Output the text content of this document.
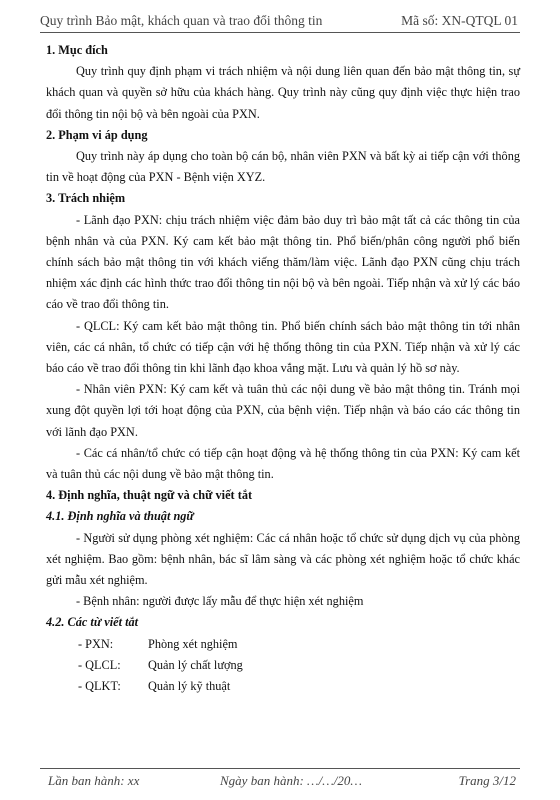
Quy trình Bảo mật, khách quan và trao đổi thông tin	Mã số: XN-QTQL 01

1. Mục đích

Quy trình quy định phạm vi trách nhiệm và nội dung liên quan đến bảo mật thông tin, sự khách quan và quyền sở hữu của khách hàng. Quy trình này cũng quy định việc thực hiện trao đổi thông tin nội bộ và bên ngoài của PXN.

2. Phạm vi áp dụng

Quy trình này áp dụng cho toàn bộ cán bộ, nhân viên PXN và bất kỳ ai tiếp cận với thông tin về hoạt động của PXN - Bệnh viện XYZ.

3. Trách nhiệm

- Lãnh đạo PXN: chịu trách nhiệm việc đảm bảo duy trì bảo mật tất cả các thông tin của bệnh nhân và của PXN. Ký cam kết bảo mật thông tin. Phổ biến/phân công người phổ biến chính sách bảo mật thông tin với khách viếng thăm/làm việc. Lãnh đạo PXN cũng chịu trách nhiệm xác định các hình thức trao đổi thông tin nội bộ và bên ngoài. Tiếp nhận và xử lý các báo cáo về trao đổi thông tin.

- QLCL: Ký cam kết bảo mật thông tin. Phổ biến chính sách bảo mật thông tin tới nhân viên, các cá nhân, tổ chức có tiếp cận với hệ thống thông tin của PXN. Tiếp nhận và xử lý các báo cáo về trao đổi thông tin khi lãnh đạo khoa vắng mặt. Lưu và quản lý hồ sơ này.

- Nhân viên PXN: Ký cam kết và tuân thủ các nội dung về bảo mật thông tin. Tránh mọi xung đột quyền lợi tới hoạt động của PXN, của bệnh viện. Tiếp nhận và báo cáo các thông tin với lãnh đạo PXN.

- Các cá nhân/tổ chức có tiếp cận hoạt động và hệ thống thông tin của PXN: Ký cam kết và tuân thủ các nội dung về bảo mật thông tin.

4. Định nghĩa, thuật ngữ và chữ viết tắt

4.1. Định nghĩa và thuật ngữ

- Người sử dụng phòng xét nghiệm: Các cá nhân hoặc tổ chức sử dụng dịch vụ của phòng xét nghiệm. Bao gồm: bệnh nhân, bác sĩ lâm sàng và các phòng xét nghiệm hoặc tổ chức khác gửi mẫu xét nghiệm.

- Bệnh nhân: người được lấy mẫu để thực hiện xét nghiệm

4.2. Các từ viết tắt

- PXN:	Phòng xét nghiệm
- QLCL:	Quản lý chất lượng
- QLKT:	Quản lý kỹ thuật
Lần ban hành: xx	Ngày ban hành: …/…/20…	Trang 3/12
